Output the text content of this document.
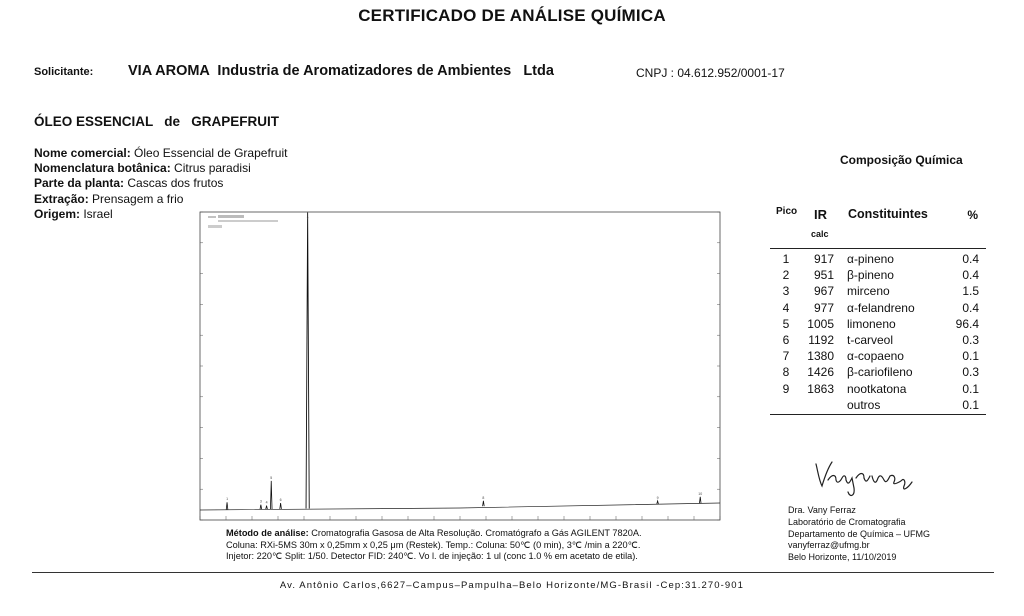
CERTIFICADO DE ANÁLISE QUÍMICA
Solicitante: VIA AROMA  Industria de Aromatizadores de Ambientes   Ltda	CNPJ : 04.612.952/0001-17
ÓLEO ESSENCIAL   de   GRAPEFRUIT
Nome comercial: Óleo Essencial de Grapefruit
Nomenclatura botânica: Citrus paradisi
Parte da planta: Cascas dos frutos
Extração: Prensagem a frio
Origem: Israel
Composição Química
1
3 4
5
6
7
8	9
10
Pico IR
calc
Constituintes	%
1	917 α-pineno	0.4
2	951 β-pineno	0.4
3	967 mirceno	1.5
4	977 α-felandreno	0.4
5	1005 limoneno	96.4
6	1192 t-carveol	0.3
7	1380 α-copaeno	0.1
8	1426 β-cariofileno	0.3
9	1863 nootkatona	0.1
outros	0.1
Dra. Vany Ferraz
Laboratório de Cromatografia
Departamento de Química – UFMG
vanyferraz@ufmg.br
Belo Horizonte, 11/10/2019
Método de análise: Cromatografia Gasosa de Alta Resolução. Cromatógrafo a Gás AGILENT 7820A.
Coluna: RXi-5MS 30m x 0,25mm x 0,25 μm (Restek). Temp.: Coluna: 50℃ (0 min), 3℃ /min a 220℃.
Injetor: 220℃ Split: 1/50. Detector FID: 240℃. Vo l. de injeção: 1 ul (conc 1.0 % em acetato de etila).
Av. Antônio Carlos,6627–Campus–Pampulha–Belo Horizonte/MG-Brasil -Cep:31.270-901
